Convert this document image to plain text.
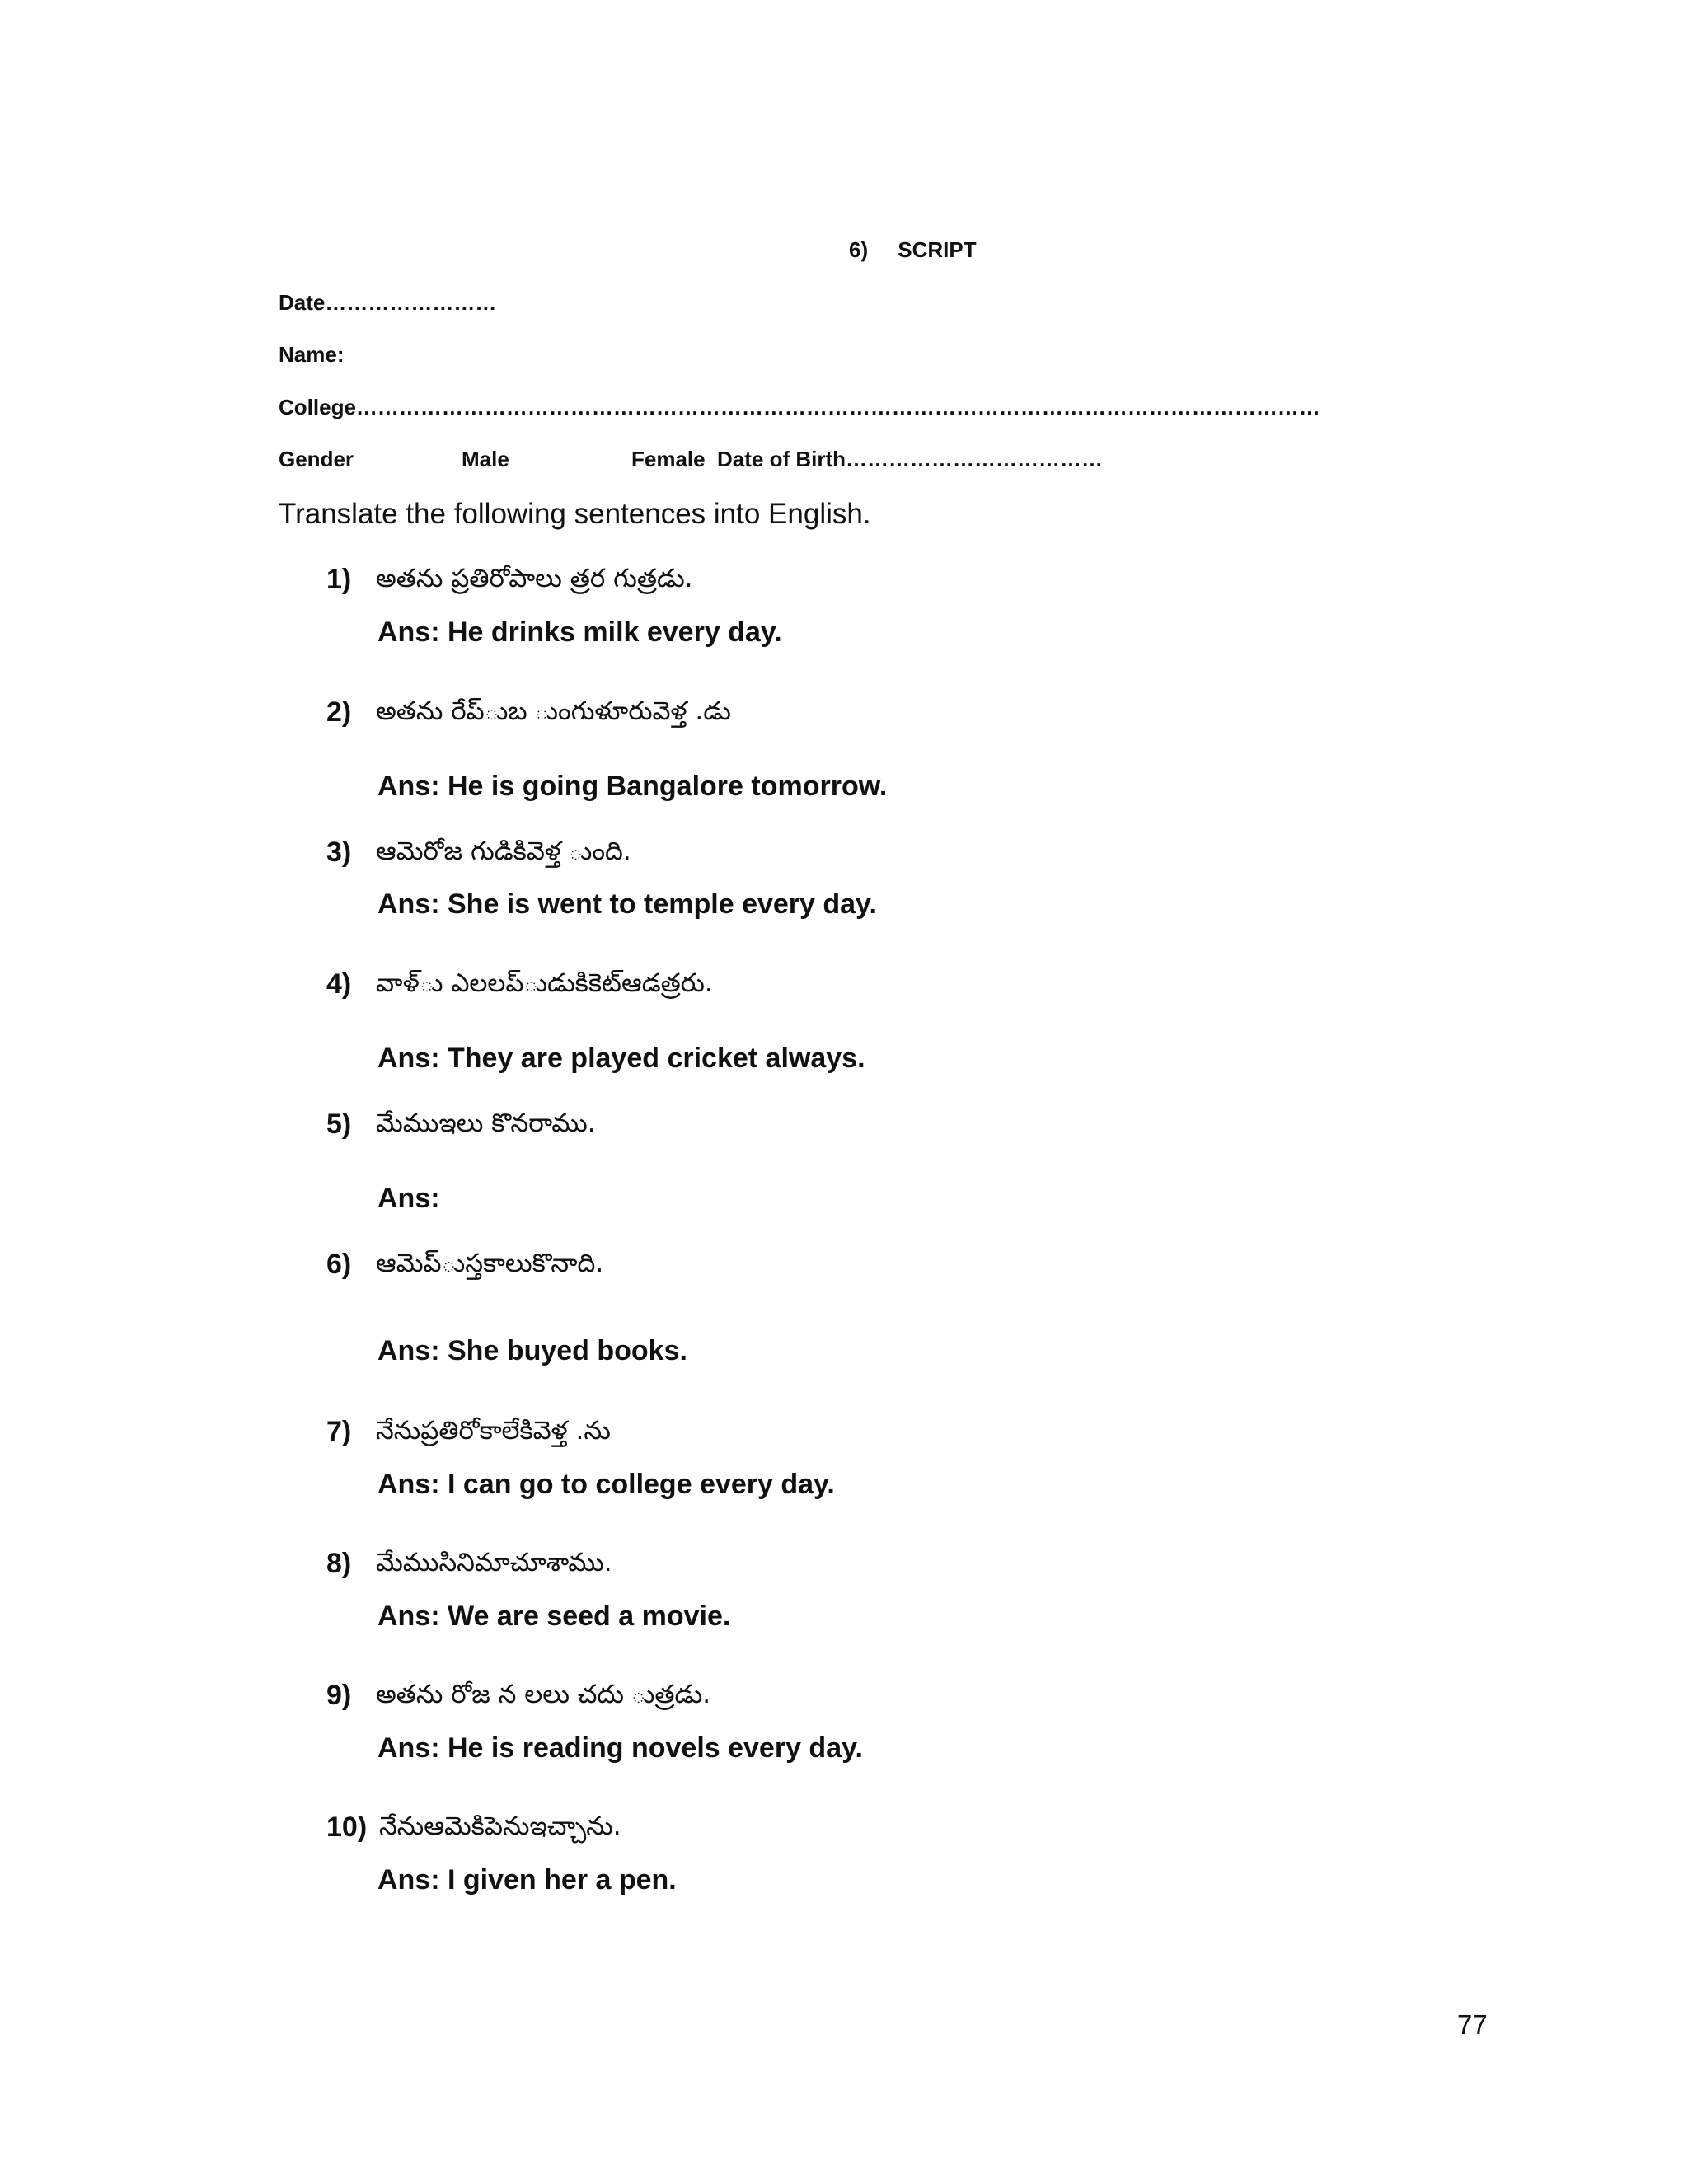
6)     SCRIPT
Date……………………
Name:
College………………………………………………………………………………………………………………………
Gender	Male	Female Date of Birth………………………………
Translate the following sentences into English.
1) అతను ప్రతిరోపాలు త్రర గుత్రడు.
Ans: He drinks milk every day.
2) అతను రేప్ుబ ుంగుళూరువెళ్త .డు
Ans: He is going Bangalore tomorrow.
3) ఆమెరోజ గుడికివెళ్త ుంది.
Ans: She is went to temple every day.
4) వాళ్ు ఎలలప్ుడుకికెట్ఆడత్రరు.
Ans: They are played cricket always.
5) మేముఇలు కొనరాము.
Ans:
6) ఆమెప్ుస్తకాలుకొనాది.
Ans: She buyed books.
7) నేనుప్రతిరోకాలేకివెళ్త .ను
Ans: I can go to college every day.
8) మేముసినిమాచూశాము.
Ans: We are seed a movie.
9) అతను రోజ న లలు చదు ుత్రడు.
Ans: He is reading novels every day.
10) నేనుఆమెకిపెనుఇచ్చాను.
Ans: I given her a pen.
77
